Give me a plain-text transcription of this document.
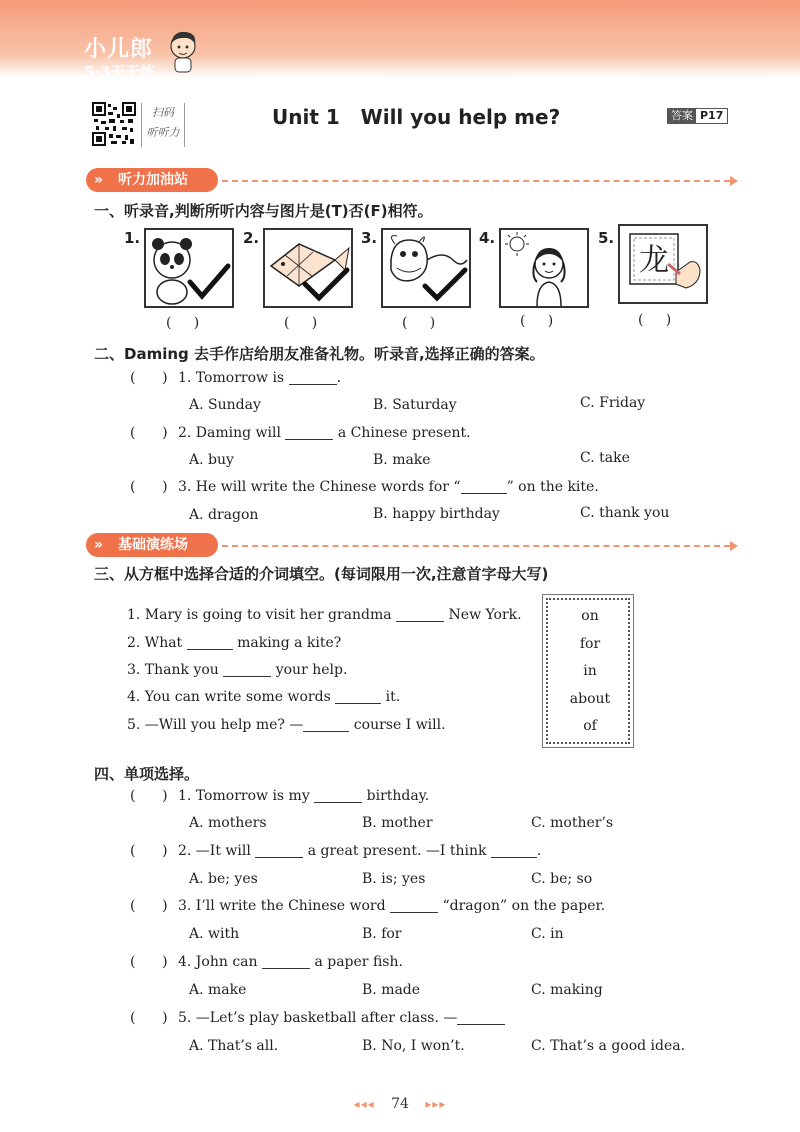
小儿郎
5·3天天练
扫码
听听力
Unit 1   Will you help me?	答案 P17
» 听力加油站
一、听录音,判断所听内容与图片是(T)否(F)相符。
1.
(     )
2.
(     )
3.
(     )
4.
(     )
5.
龙
(     )
二、Daming 去手作店给朋友准备礼物。听录音,选择正确的答案。
(      ) 1. Tomorrow is	.
A. Sunday	B. Saturday	C. Friday
(      ) 2. Daming will	a Chinese present.
A. buy	B. make	C. take
(      ) 3. He will write the Chinese words for “	” on the kite.
A. dragon	B. happy birthday	C. thank you
» 基础演练场
三、从方框中选择合适的介词填空。(每词限用一次,注意首字母大写)
1. Mary is going to visit her grandma	New York.
2. What	making a kite?
3. Thank you	your help.
4. You can write some words	it.
5. —Will you help me? —	course I will.
on
for
in
about
of
四、单项选择。
(      ) 1. Tomorrow is my	birthday.
A. mothers	B. mother	C. mother’s
(      ) 2. —It will	a great present. —I think	.
A. be; yes	B. is; yes	C. be; so
(      ) 3. I’ll write the Chinese word	“dragon” on the paper.
A. with	B. for	C. in
(      ) 4. John can	a paper fish.
A. make	B. made	C. making
(      ) 5. —Let’s play basketball after class. —
A. That’s all.	B. No, I won’t.	C. That’s a good idea.
◂◂◂ 74 ▸▸▸
